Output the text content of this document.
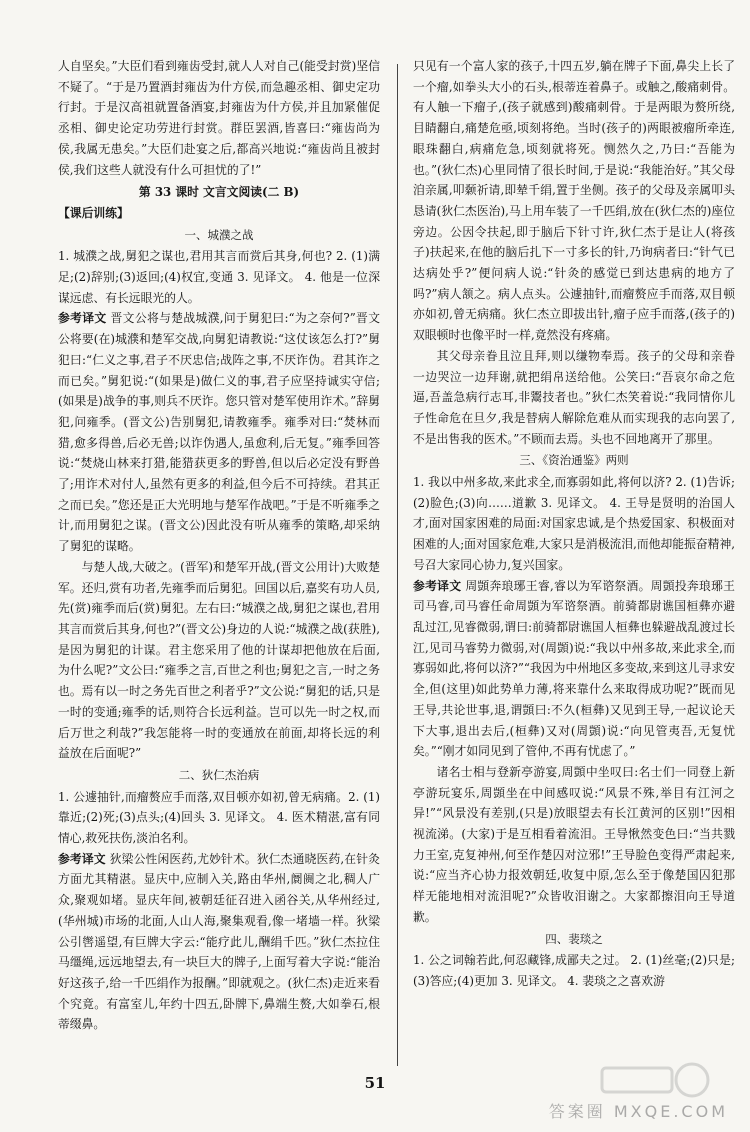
人自坚矣。”大臣们看到雍齿受封,就人人对自己(能受封赏)坚信不疑了。“于是乃置酒封雍齿为什方侯,而急趣丞相、御史定功行封。于是汉高祖就置备酒宴,封雍齿为什方侯,并且加紧催促丞相、御史论定功劳进行封赏。群臣罢酒,皆喜曰:“雍齿尚为侯,我属无患矣。”大臣们赴宴之后,都高兴地说:“雍齿尚且被封侯,我们这些人就没有什么可担忧的了!”

第 33 课时 文言文阅读(二 B)

【课后训练】

一、城濮之战

1. 城濮之战,舅犯之谋也,君用其言而赏后其身,何也? 2. (1)满足;(2)辞别;(3)返回;(4)权宜,变通 3. 见译文。 4. 他是一位深谋远虑、有长远眼光的人。

参考译文 晋文公将与楚战城濮,问于舅犯曰:“为之奈何?”晋文公将要(在)城濮和楚军交战,向舅犯请教说:“这仗该怎么打?”舅犯曰:“仁义之事,君子不厌忠信;战阵之事,不厌诈伪。君其诈之而已矣。”舅犯说:“(如果是)做仁义的事,君子应坚持诚实守信;(如果是)战争的事,则兵不厌诈。您只管对楚军使用诈术。”辞舅犯,问雍季。(晋文公)告别舅犯,请教雍季。雍季对曰:“焚林而猎,愈多得兽,后必无兽;以诈伪遇人,虽愈利,后无复。”雍季回答说:“焚烧山林来打猎,能猎获更多的野兽,但以后必定没有野兽了;用诈术对付人,虽然有更多的利益,但今后不可持续。君其正之而已矣。”您还是正大光明地与楚军作战吧。”于是不听雍季之计,而用舅犯之谋。(晋文公)因此没有听从雍季的策略,却采纳了舅犯的谋略。

与楚人战,大破之。(晋军)和楚军开战,(晋文公用计)大败楚军。还归,赏有功者,先雍季而后舅犯。回国以后,嘉奖有功人员,先(赏)雍季而后(赏)舅犯。左右曰:“城濮之战,舅犯之谋也,君用其言而赏后其身,何也?”(晋文公)身边的人说:“城濮之战(获胜),是因为舅犯的计谋。君主您采用了他的计谋却把他放在后面,为什么呢?”文公曰:“雍季之言,百世之利也;舅犯之言,一时之务也。焉有以一时之务先百世之利者乎?”文公说:“舅犯的话,只是一时的变通;雍季的话,则符合长远利益。岂可以先一时之权,而后万世之利哉?”我怎能将一时的变通放在前面,却将长远的利益放在后面呢?”

二、狄仁杰治病

1. 公遽抽针,而瘤赘应手而落,双目顿亦如初,曾无病痛。2. (1)靠近;(2)死;(3)点头;(4)回头 3. 见译文。 4. 医术精湛,富有同情心,救死扶伤,淡泊名利。

参考译文 狄梁公性闲医药,尤妙针术。狄仁杰通晓医药,在针灸方面尤其精湛。显庆中,应制入关,路由华州,阛阓之北,稠人广众,聚观如堵。显庆年间,被朝廷征召进入函谷关,从华州经过,(华州城)市场的北面,人山人海,聚集观看,像一堵墙一样。狄梁公引辔遥望,有巨牌大字云:“能疗此儿,酬绢千匹。”狄仁杰拉住马缰绳,远远地望去,有一块巨大的牌子,上面写着大字说:“能治好这孩子,给一千匹绢作为报酬。”即就观之。(狄仁杰)走近来看个究竟。有富室儿,年约十四五,卧牌下,鼻端生赘,大如拳石,根蒂缀鼻。

只见有一个富人家的孩子,十四五岁,躺在牌子下面,鼻尖上长了一个瘤,如拳头大小的石头,根蒂连着鼻子。或触之,酸痛刺骨。有人触一下瘤子,(孩子就感到)酸痛刺骨。于是两眼为赘所绕,目睛翻白,痛楚危亟,顷刻将绝。当时(孩子的)两眼被瘤所牵连,眼珠翻白,病痛危急,顷刻就将死。恻然久之,乃曰:“吾能为也。”(狄仁杰)心里同情了很长时间,于是说:“我能治好。”其父母洎亲属,叩颡祈请,即辇千绢,置于坐侧。孩子的父母及亲属叩头恳请(狄仁杰医治),马上用车装了一千匹绢,放在(狄仁杰的)座位旁边。公因令扶起,即于脑后下针寸许,狄仁杰于是让人(将孩子)扶起来,在他的脑后扎下一寸多长的针,乃询病者曰:“针气已达病处乎?”便问病人说:“针灸的感觉已到达患病的地方了吗?”病人颔之。病人点头。公遽抽针,而瘤赘应手而落,双目顿亦如初,曾无病痛。狄仁杰立即拔出针,瘤子应手而落,(孩子的)双眼顿时也像平时一样,竟然没有疼痛。

其父母亲眷且泣且拜,则以缣物奉焉。孩子的父母和亲眷一边哭泣一边拜谢,就把绢帛送给他。公笑曰:“吾哀尔命之危逼,吾盖急病行志耳,非鬻技者也。”狄仁杰笑着说:“我同情你儿子性命危在旦夕,我是替病人解除危难从而实现我的志向罢了,不是出售我的医术。”不顾而去焉。头也不回地离开了那里。

三、《资治通鉴》两则

1. 我以中州多故,来此求全,而寡弱如此,将何以济? 2. (1)告诉;(2)脸色;(3)向……道歉 3. 见译文。 4. 王导是贤明的治国人才,面对国家困难的局面:对国家忠诚,是个热爱国家、积极面对困难的人;面对国家危难,大家只是消极流泪,而他却能振奋精神,号召大家同心协力,复兴国家。

参考译文 周顗奔琅琊王睿,睿以为军谘祭酒。周顗投奔琅琊王司马睿,司马睿任命周顗为军谘祭酒。前骑都尉谯国桓彝亦避乱过江,见睿微弱,谓曰:前骑都尉谯国人桓彝也躲避战乱渡过长江,见司马睿势力微弱,对(周顗)说:“我以中州多故,来此求全,而寡弱如此,将何以济?”“我因为中州地区多变故,来到这儿寻求安全,但(这里)如此势单力薄,将来靠什么来取得成功呢?”既而见王导,共论世事,退,谓顗曰:不久(桓彝)又见到王导,一起议论天下大事,退出去后,(桓彝)又对(周顗)说:“向见管夷吾,无复忧矣。”“刚才如同见到了管仲,不再有忧虑了。”

诸名士相与登新亭游宴,周顗中坐叹曰:名士们一同登上新亭游玩宴乐,周顗坐在中间感叹说:“风景不殊,举目有江河之异!”“风景没有差别,(只是)放眼望去有长江黄河的区别!”因相视流涕。(大家)于是互相看着流泪。王导愀然变色曰:“当共戮力王室,克复神州,何至作楚囚对泣邪!”王导脸色变得严肃起来,说:“应当齐心协力报效朝廷,收复中原,怎么至于像楚国囚犯那样无能地相对流泪呢?”众皆收泪谢之。大家都擦泪向王导道歉。

四、裴琰之

1. 公之词翰若此,何忍藏锋,成鄙夫之过。 2. (1)丝毫;(2)只是;(3)答应;(4)更加 3. 见译文。 4. 裴琰之之喜欢游

51
答案圈 MXQE.COM
